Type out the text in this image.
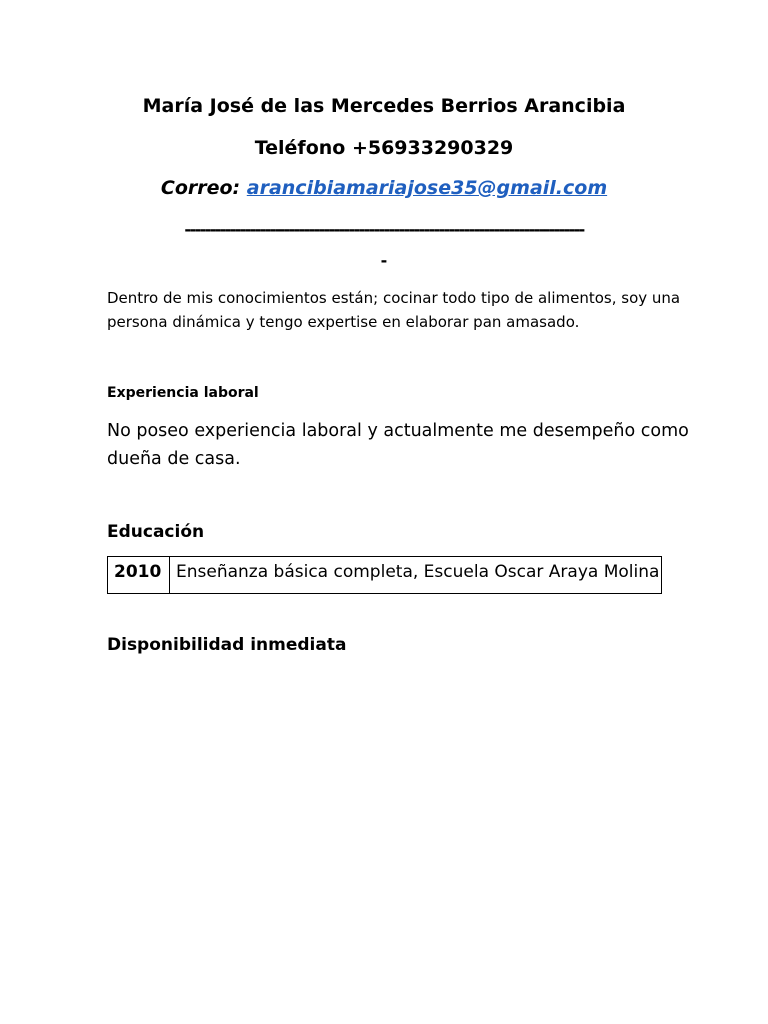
María José de las Mercedes Berrios Arancibia
Teléfono +56933290329
Correo: arancibiamariajose35@gmail.com
--------------------------------------------------------------------------------
-
Dentro de mis conocimientos están; cocinar todo tipo de alimentos, soy una
persona dinámica y tengo expertise en elaborar pan amasado.
Experiencia laboral
No poseo experiencia laboral y actualmente me desempeño como
dueña de casa.
Educación
2010	Enseñanza básica completa, Escuela Oscar Araya Molina
Disponibilidad inmediata
